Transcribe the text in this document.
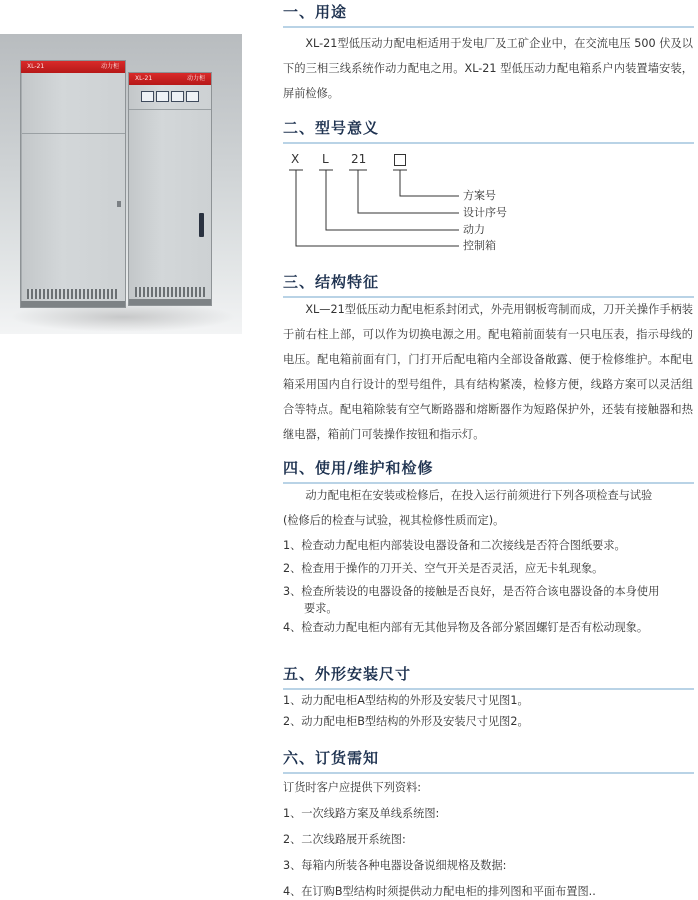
XL-21	动力柜
XL-21	动力柜
一、用途

XL-21型低压动力配电柜适用于发电厂及工矿企业中，在交流电压 500 伏及以下的三相三线系统作动力配电之用。XL-21 型低压动力配电箱系户内装置墙安装，屏前检修。

二、型号意义
X L 21
方案号
设计序号
动力
控制箱
三、结构特征

XL—21型低压动力配电柜系封闭式，外壳用钢板弯制而成，刀开关操作手柄装于前右柱上部，可以作为切换电源之用。配电箱前面装有一只电压表，指示母线的电压。配电箱前面有门，门打开后配电箱内全部设备敞露、便于检修维护。本配电箱采用国内自行设计的型号组件，具有结构紧凑，检修方便，线路方案可以灵活组合等特点。配电箱除装有空气断路器和熔断器作为短路保护外，还装有接触器和热继电器，箱前门可装操作按钮和指示灯。

四、使用/维护和检修

动力配电柜在安装或检修后，在投入运行前须进行下列各项检查与试验

(检修后的检查与试验，视其检修性质而定)。

1、检查动力配电柜内部装设电器设备和二次接线是否符合图纸要求。

2、检查用于操作的刀开关、空气开关是否灵活，应无卡轧现象。

3、检查所装设的电器设备的接触是否良好，是否符合该电器设备的本身使用

要求。

4、检查动力配电柜内部有无其他异物及各部分紧固螺钉是否有松动现象。

五、外形安装尺寸

1、动力配电柜A型结构的外形及安装尺寸见图1。

2、动力配电柜B型结构的外形及安装尺寸见图2。

六、订货需知

订货时客户应提供下列资料:

1、一次线路方案及单线系统图:

2、二次线路展开系统图:

3、每箱内所装各种电器设备说细规格及数据:

4、在订购B型结构时须提供动力配电柜的排列图和平面布置图..
